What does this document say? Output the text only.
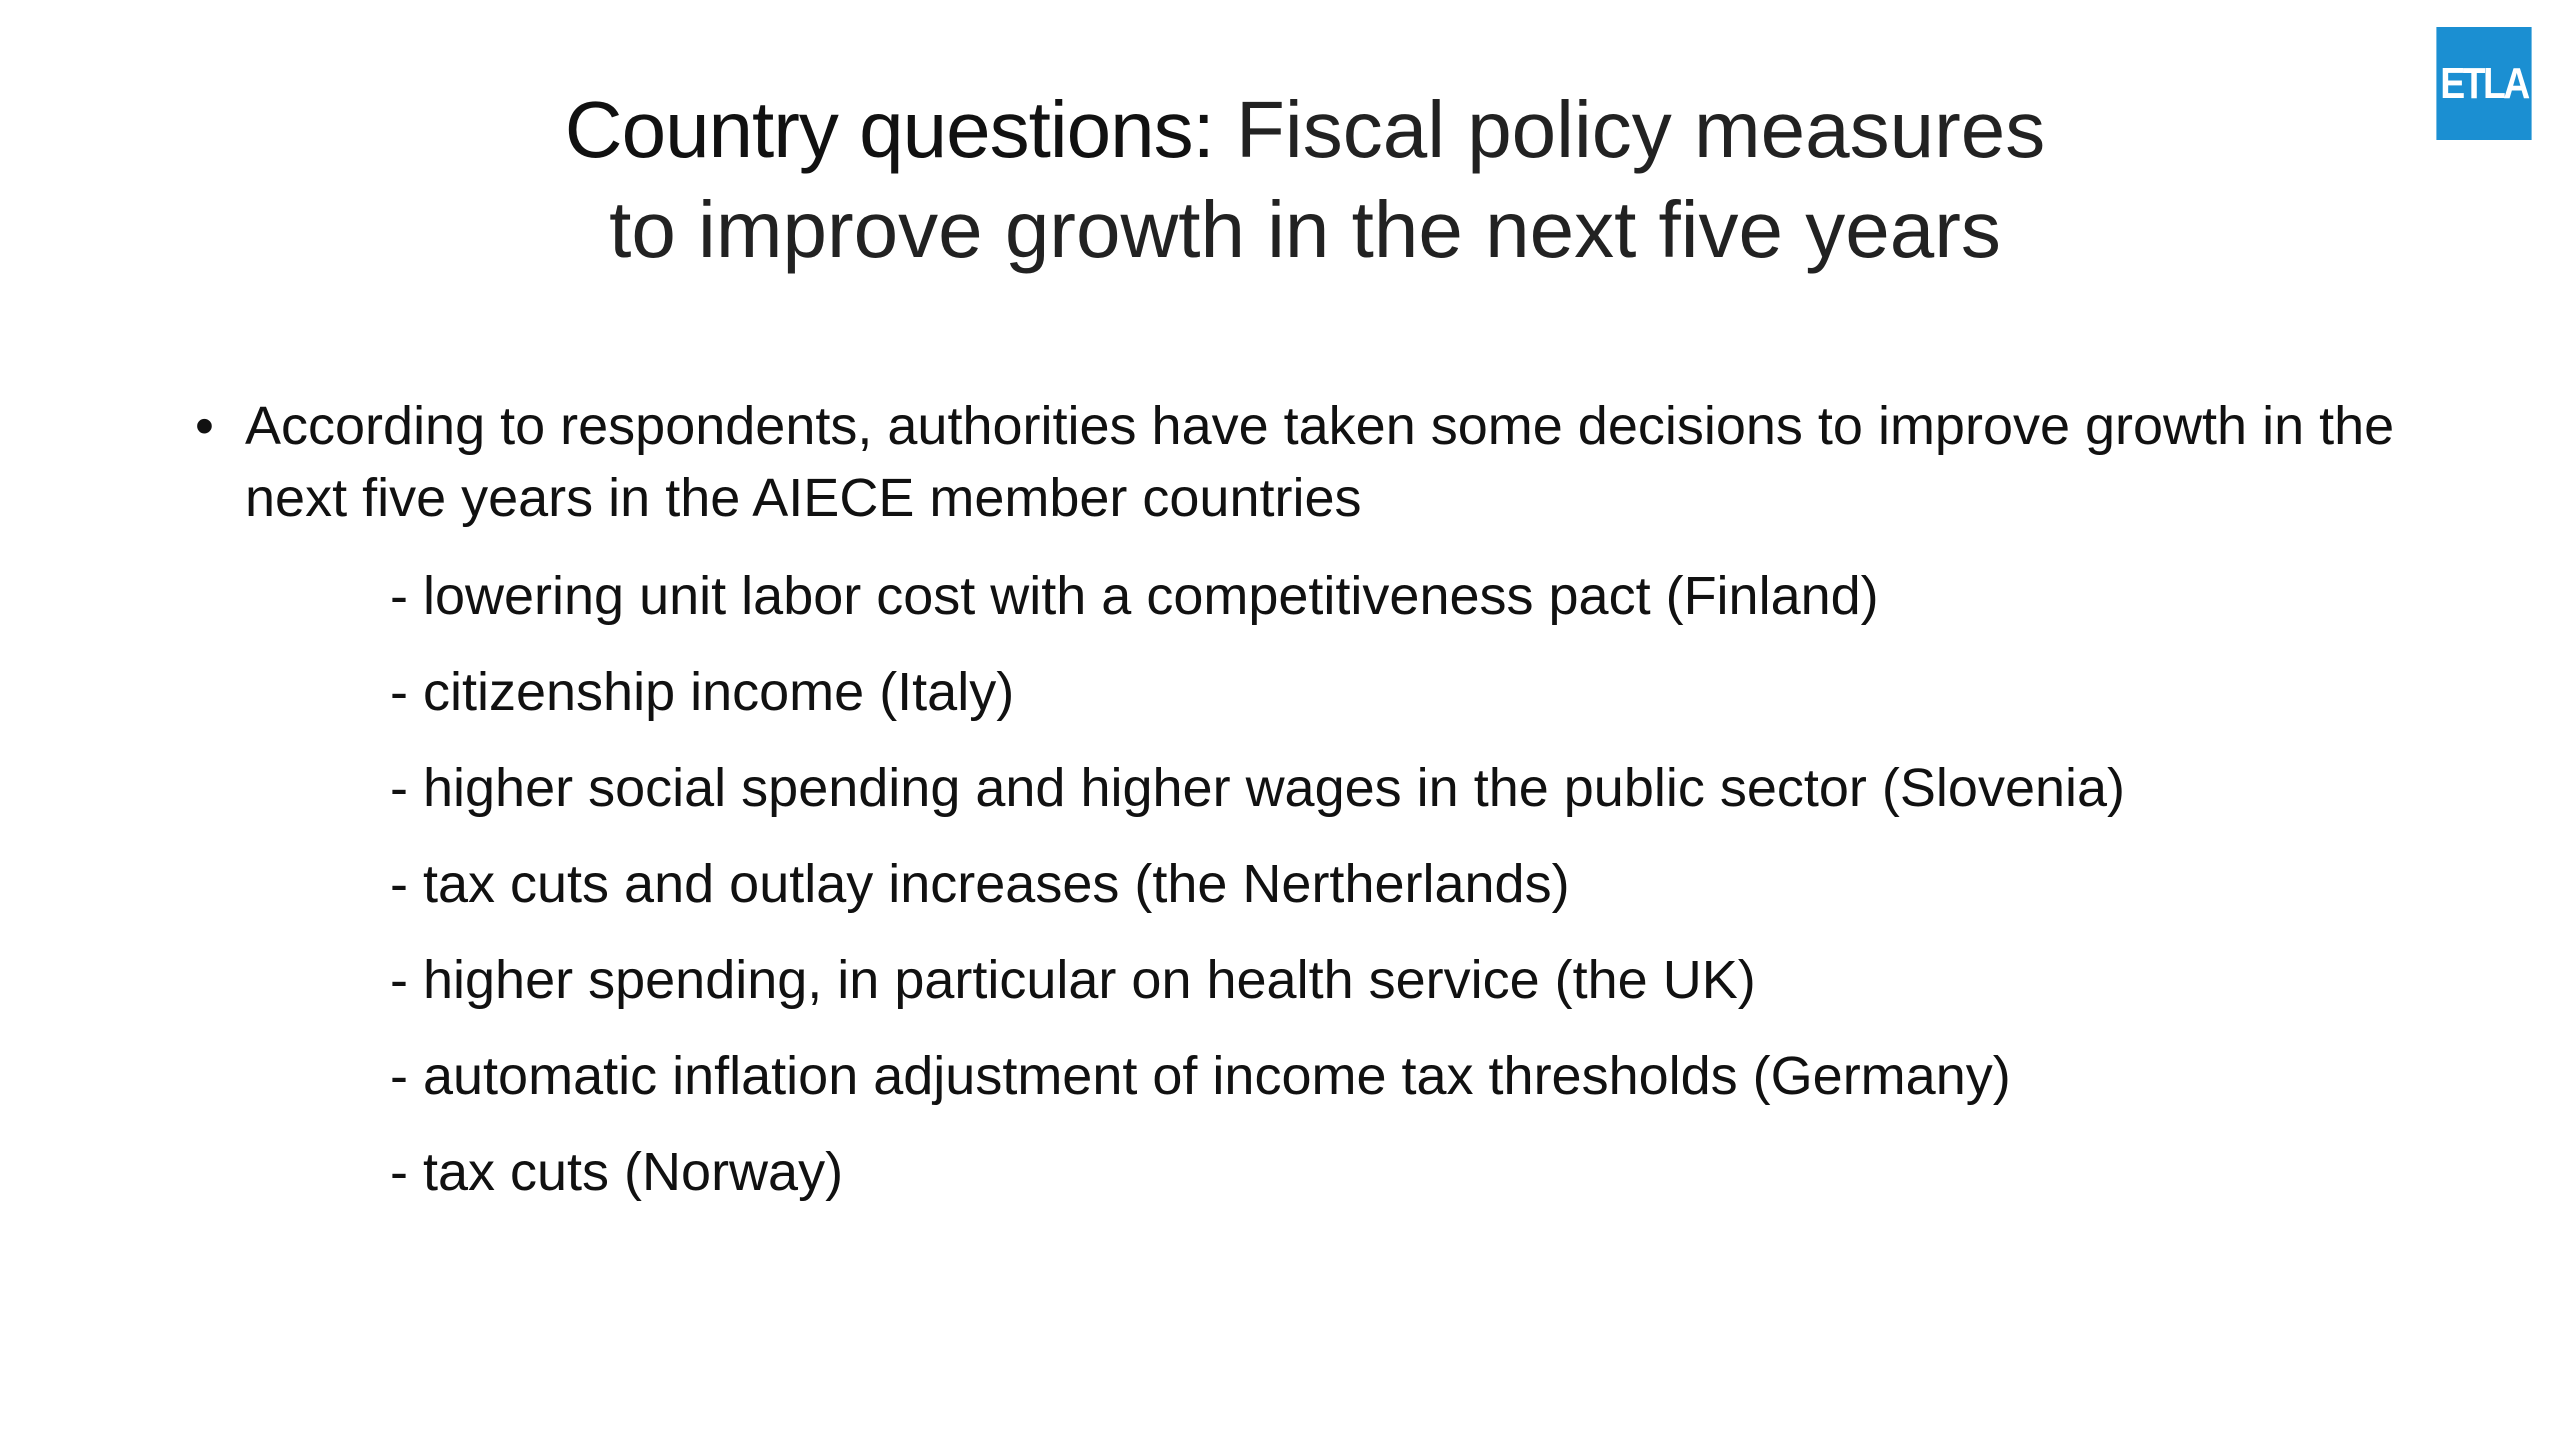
ETLA
Country questions: Fiscal policy measures
to improve growth in the next five years
• According to respondents, authorities have taken some decisions to improve growth in the next five years in the AIECE member countries
- lowering unit labor cost with a competitiveness pact (Finland)
- citizenship income (Italy)
- higher social spending and higher wages in the public sector (Slovenia)
- tax cuts and outlay increases (the Nertherlands)
- higher spending, in particular on health service (the UK)
- automatic inflation adjustment of income tax thresholds (Germany)
- tax cuts (Norway)
